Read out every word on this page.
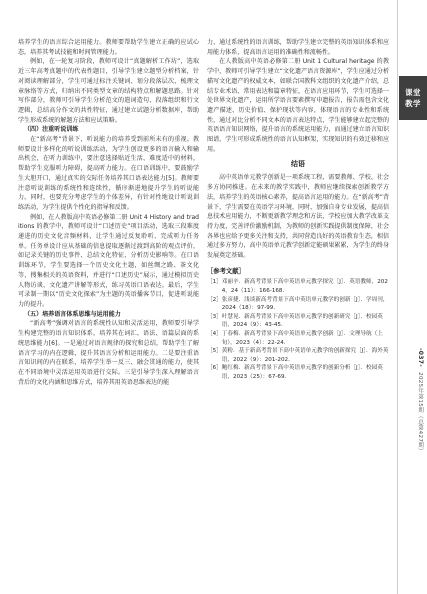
培养学生的语言综合运用能力。教师要帮助学生建立正确的应试心态，培养其考试技能和时间管理能力。

例如，在一轮复习阶段，教师可设计“真题解析工作坊”，选取近三年高考真题中的代表性题目，引导学生建立题型分析档案，针对阅读理解部分，学生可通过标注关键词、划分段落层次、梳理文章脉络等方式，归纳出不同类型文章的结构特点和解题思路。针对写作部分，教师可引导学生分析范文的遣词造句、段落组织和行文逻辑，总结高分作文的共性特征，通过建立试题分析数据库，帮助学生形成系统的解题方法和应试策略。

（四）注重听说训练

在“新高考”背景下，听说能力的培养受到前所未有的重视。教师要设计多样化的听说训练活动，为学生创设更多的语言输入和输出机会，在听力训练中，要注意选择贴近生活、难度适中的材料，帮助学生克服听力障碍，提高听力能力。在口语训练中，要鼓励学生大胆开口，通过真实的交际任务培养其口语表达能力[5]。教师要注意听说训练的系统性和连续性，循序渐进地提升学生的听说能力。同时，也要充分考虑学生的个体差异，有针对性地设计听说训练活动，为学生提供个性化的指导和反馈。

例如，在人教版高中英语必修第二册 Unit 4 History and traditions 的教学中，教师可设计“口述历史”项目活动，选取三段难度递进的历史文化音频材料，让学生通过反复聆听、完成听力任务单。任务单设计应从基础的信息提取逐渐过渡到高阶的观点评价，如记录关键的历史事件、总结文化特征、分析历史影响等。在口语训练环节，学生要选择一个历史文化主题，如丝绸之路、茶文化等，搜集相关的英语资料，并进行“口述历史”展示，通过模拟历史人物访谈、文化遗产讲解等形式，练习英语口语表达。最后，学生可录制一期以“历史文化探索”为主题的英语播客节目，促进听说能力的提升。

（五）培养语言体系思维与运用能力

“新高考”强调对语言的系统性认知和灵活运用，教师要引导学生构建完整的语言知识体系，培养其在词汇、语法、语篇层面的系统思维能力[6]。一是通过对语言规律的探究和总结，帮助学生了解语言学习的内在逻辑，提升其语言分析和运用能力。二是要注重语言知识间的内在联系，培养学生举一反三、融会贯通的能力，使其在不同语境中灵活运用英语进行交际。三是引导学生深入理解语言背后的文化内涵和思维方式，培养其用英语思维表达的能

力，通过系统性的语言训练，帮助学生建立完整的英语知识体系和应用能力体系，提高语言运用的准确性和流畅性。

在人教版高中英语必修第二册 Unit 1 Cultural heritage 的教学中，教师可引导学生建立“文化遗产语言资源库”，学生应通过分析描写文化遗产的权威文本，如联合国教科文组织的文化遗产介绍，总结专业术语、常用表达和篇章特征，在语言应用环节，学生可选择一处世界文化遗产，运用所学语言要素撰写申遗报告，报告需包含文化遗产描述、历史价值、保护现状等内容，体现语言的专业性和系统性，通过对比分析不同文本的语言表达特点，学生能够建立起完整的英语语言知识网络，提升语言的系统运用能力，而通过建立语言知识图谱，学生可形成系统性的语言认知框架，实现知识的有效迁移和应用。

结语

高中英语单元教学创新是一项系统工程，需要教师、学校、社会多方协同推进。在未来的教学实践中，教师应继续探索创新教学方法，培养学生的英语核心素养，提高语言运用的能力。在“新高考”背景下，学生需要在英语学习环境，同时，加强自身专业发展，提高信息技术应用能力，不断更新教学理念和方法，学校应加大教学改革支持力度，完善评价激励机制，为教师的创新实践提供制度保障，社会各界也应给予更多关注和支持，共同营造良好的英语教育生态，相信通过多方努力，高中英语单元教学创新定能硕果累累，为学生的终身发展奠定基础。

［参考文献］
［1］ 邓丽辛．新高考背景下高中英语单元教学探究［J］．英语教师，2024，24（11）：166-168．
［2］ 张彦捷．浅谈新高考背景下高中英语单元教学的创新［J］．学周刊，2024（18）：97-99．
［3］ 叶慧晃．新高考背景下高中英语单元教学的创新研究［J］．校园英语，2024（9）：43-45．
［4］ 丁春梅．新高考背景下高中英语单元教学创新［J］．文理导航（上旬），2023（4）：22-24．
［5］ 黄粉．基于新高考背景下高中英语单元教学的创新探究［J］．海外英语，2022（9）：201-202．
［6］ 鲍红梅．新高考背景下高中英语单元教学的创新分析［J］．校园英语，2023（25）：67-69．
课堂
教学
-037- 2025年第15期（总第427期）
